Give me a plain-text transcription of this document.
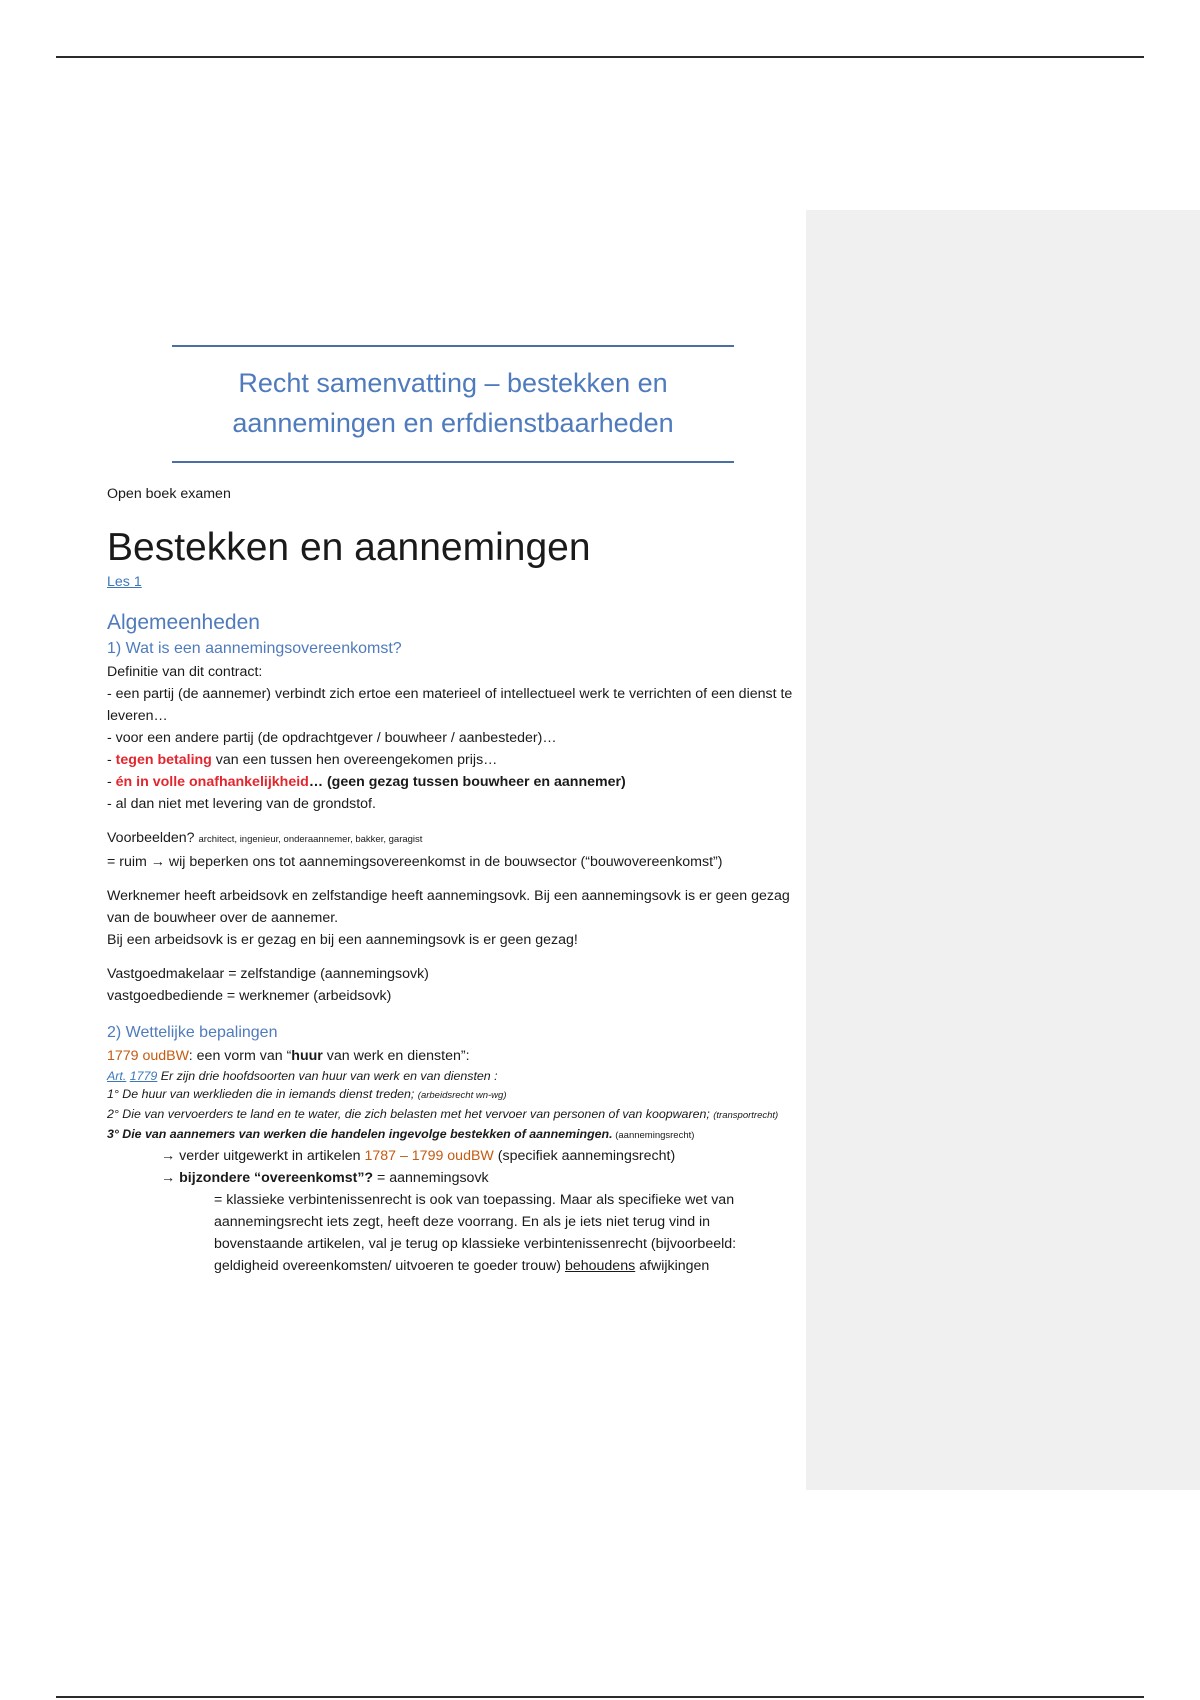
Recht samenvatting – bestekken en
aannemingen en erfdienstbaarheden

Open boek examen

Bestekken en aannemingen

Les 1

Algemeenheden

1) Wat is een aannemingsovereenkomst?

Definitie van dit contract:

- een partij (de aannemer) verbindt zich ertoe een materieel of intellectueel werk te verrichten of een dienst te leveren…

- voor een andere partij (de opdrachtgever / bouwheer / aanbesteder)…

- tegen betaling van een tussen hen overeengekomen prijs…

- én in volle onafhankelijkheid… (geen gezag tussen bouwheer en aannemer)

- al dan niet met levering van de grondstof.

Voorbeelden? architect, ingenieur, onderaannemer, bakker, garagist

= ruim → wij beperken ons tot aannemingsovereenkomst in de bouwsector (“bouwovereenkomst”)

Werknemer heeft arbeidsovk en zelfstandige heeft aannemingsovk. Bij een aannemingsovk is er geen gezag van de bouwheer over de aannemer.

Bij een arbeidsovk is er gezag en bij een aannemingsovk is er geen gezag!

Vastgoedmakelaar = zelfstandige (aannemingsovk)

vastgoedbediende = werknemer (arbeidsovk)

2) Wettelijke bepalingen

1779 oudBW: een vorm van “huur van werk en diensten”:

Art. 1779 Er zijn drie hoofdsoorten van huur van werk en van diensten :

1° De huur van werklieden die in iemands dienst treden; (arbeidsrecht wn-wg)

2° Die van vervoerders te land en te water, die zich belasten met het vervoer van personen of van koopwaren; (transportrecht)

3° Die van aannemers van werken die handelen ingevolge bestekken of aannemingen. (aannemingsrecht)

→ verder uitgewerkt in artikelen 1787 – 1799 oudBW (specifiek aannemingsrecht)

→ bijzondere “overeenkomst”? = aannemingsovk

= klassieke verbintenissenrecht is ook van toepassing. Maar als specifieke wet van aannemingsrecht iets zegt, heeft deze voorrang. En als je iets niet terug vind in bovenstaande artikelen, val je terug op klassieke verbintenissenrecht (bijvoorbeeld: geldigheid overeenkomsten/ uitvoeren te goeder trouw) behoudens afwijkingen
